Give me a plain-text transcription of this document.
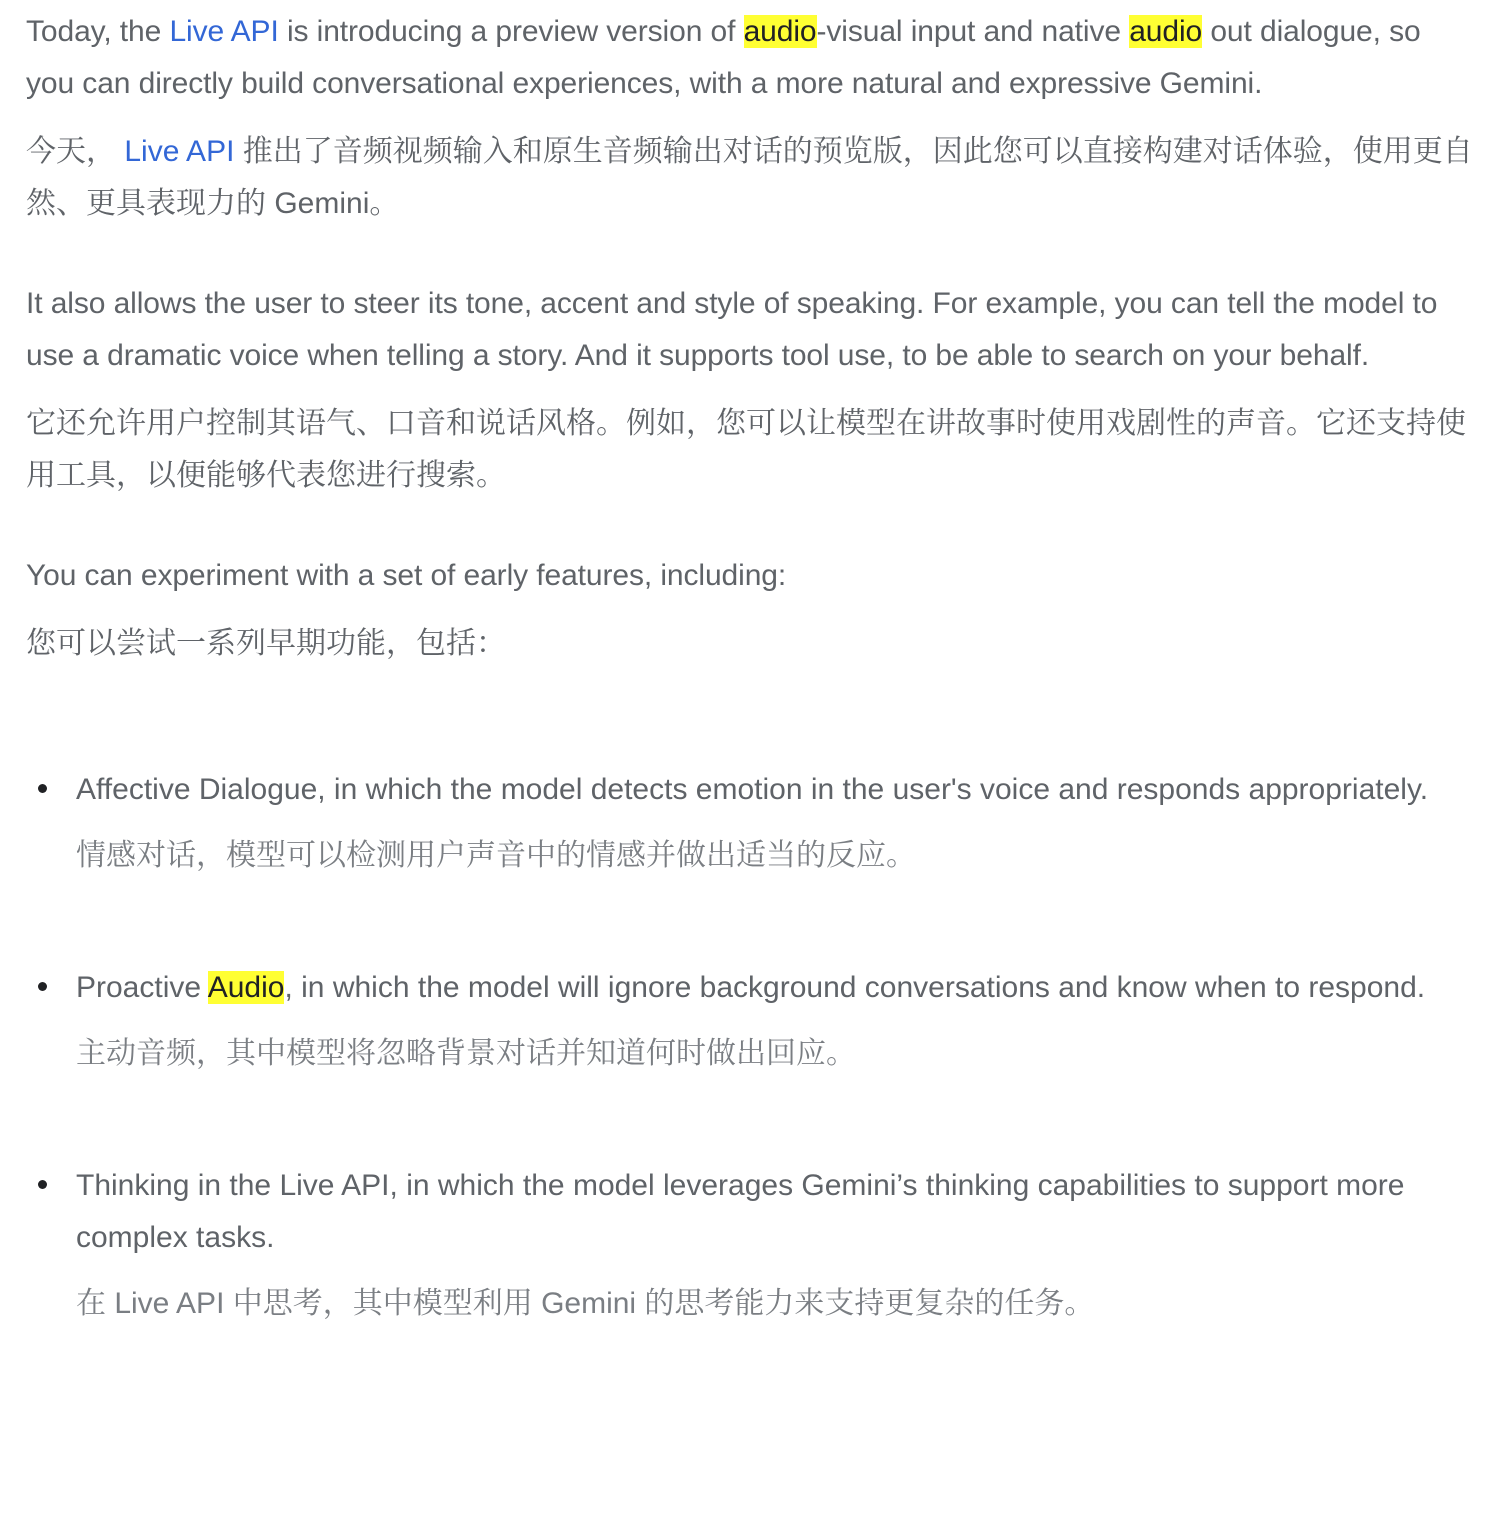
Today, the Live API is introducing a preview version of audio-visual input and native audio out dialogue, so you can directly build conversational experiences, with a more natural and expressive Gemini.

今天， Live API 推出了音频视频输入和原生音频输出对话的预览版，因此您可以直接构建对话体验，使用更自然、更具表现力的 Gemini。

It also allows the user to steer its tone, accent and style of speaking. For example, you can tell the model to use a dramatic voice when telling a story. And it supports tool use, to be able to search on your behalf.

它还允许用户控制其语气、口音和说话风格。例如，您可以让模型在讲故事时使用戏剧性的声音。它还支持使用工具，以便能够代表您进行搜索。

You can experiment with a set of early features, including:

您可以尝试一系列早期功能，包括：

Affective Dialogue, in which the model detects emotion in the user's voice and responds appropriately.

情感对话，模型可以检测用户声音中的情感并做出适当的反应。

Proactive Audio, in which the model will ignore background conversations and know when to respond.

主动音频，其中模型将忽略背景对话并知道何时做出回应。

Thinking in the Live API, in which the model leverages Gemini’s thinking capabilities to support more complex tasks.

在 Live API 中思考，其中模型利用 Gemini 的思考能力来支持更复杂的任务。
